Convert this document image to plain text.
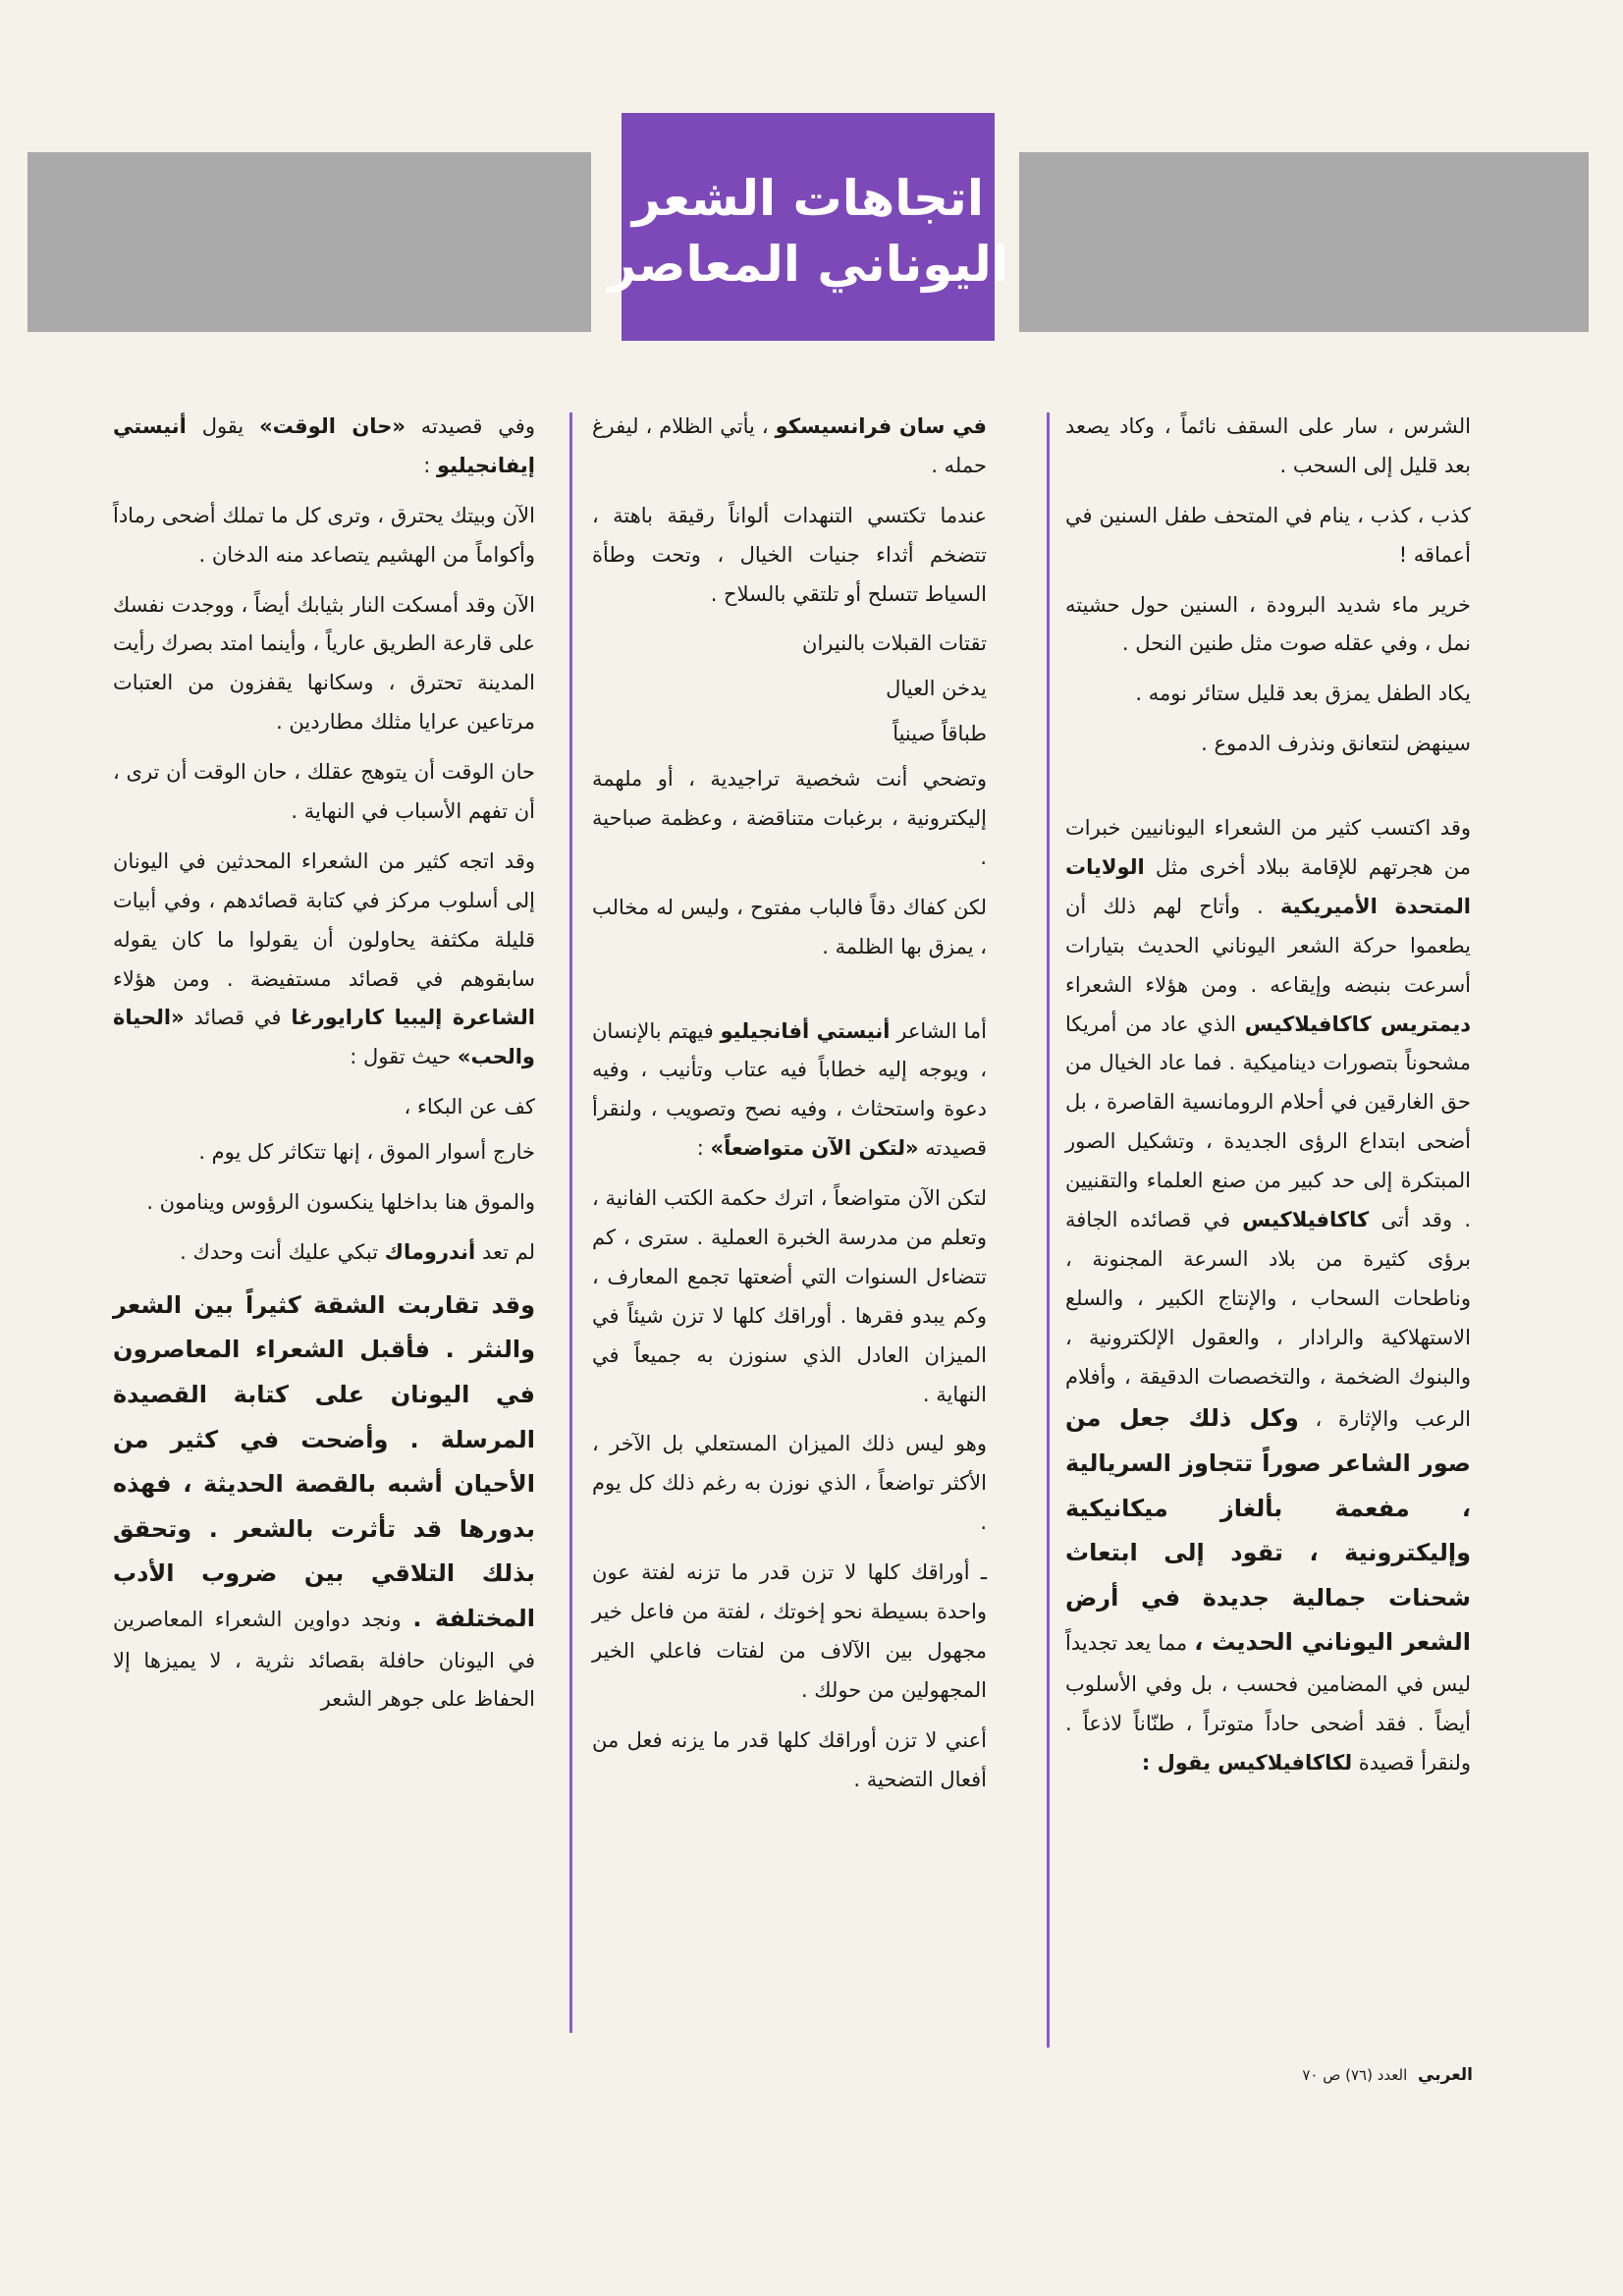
اتجاهات الشعر
اليوناني المعاصر

الشرس ، سار على السقف نائماً ، وكاد يصعد بعد قليل إلى السحب .

كذب ، كذب ، ينام في المتحف طفل السنين في أعماقه !

خرير ماء شديد البرودة ، السنين حول حشيته نمل ، وفي عقله صوت مثل طنين النحل .

يكاد الطفل يمزق بعد قليل ستائر نومه .

سينهض لنتعانق ونذرف الدموع .

وقد اكتسب كثير من الشعراء اليونانيين خبرات من هجرتهم للإقامة ببلاد أخرى مثل الولايات المتحدة الأميريكية . وأتاح لهم ذلك أن يطعموا حركة الشعر اليوناني الحديث بتيارات أسرعت بنبضه وإيقاعه . ومن هؤلاء الشعراء ديمتريس كاكافيلاكيس الذي عاد من أمريكا مشحوناً بتصورات ديناميكية . فما عاد الخيال من حق الغارقين في أحلام الرومانسية القاصرة ، بل أضحى ابتداع الرؤى الجديدة ، وتشكيل الصور المبتكرة إلى حد كبير من صنع العلماء والتقنيين . وقد أتى كاكافيلاكيس في قصائده الجافة برؤى كثيرة من بلاد السرعة المجنونة ، وناطحات السحاب ، والإنتاج الكبير ، والسلع الاستهلاكية والرادار ، والعقول الإلكترونية ، والبنوك الضخمة ، والتخصصات الدقيقة ، وأفلام الرعب والإثارة ، وكل ذلك جعل من صور الشاعر صوراً تتجاوز السريالية ، مفعمة بألغاز ميكانيكية وإليكترونية ، تقود إلى ابتعاث شحنات جمالية جديدة في أرض الشعر اليوناني الحديث ، مما يعد تجديداً ليس في المضامين فحسب ، بل وفي الأسلوب أيضاً . فقد أضحى حاداً متوتراً ، طنّاناً لاذعاً . ولنقرأ قصيدة لكاكافيلاكيس يقول :

في سان فرانسيسكو ، يأتي الظلام ، ليفرغ حمله .

عندما تكتسي التنهدات ألواناً رقيقة باهتة ، تتضخم أثداء جنيات الخيال ، وتحت وطأة السياط تتسلح أو تلتقي بالسلاح .

تقتات القبلات بالنيران

يدخن العيال

طباقاً صينياً

وتضحي أنت شخصية تراجيدية ، أو ملهمة إليكترونية ، برغبات متناقضة ، وعظمة صباحية .

لكن كفاك دقاً فالباب مفتوح ، وليس له مخالب ، يمزق بها الظلمة .

أما الشاعر أنيستي أفانجيليو فيهتم بالإنسان ، ويوجه إليه خطاباً فيه عتاب وتأنيب ، وفيه دعوة واستحثاث ، وفيه نصح وتصويب ، ولنقرأ قصيدته «لتكن الآن متواضعاً» :

لتكن الآن متواضعاً ، اترك حكمة الكتب الفانية ، وتعلم من مدرسة الخبرة العملية . سترى ، كم تتضاءل السنوات التي أضعتها تجمع المعارف ، وكم يبدو فقرها . أوراقك كلها لا تزن شيئاً في الميزان العادل الذي سنوزن به جميعاً في النهاية .

وهو ليس ذلك الميزان المستعلي بل الآخر ، الأكثر تواضعاً ، الذي نوزن به رغم ذلك كل يوم .

ـ أوراقك كلها لا تزن قدر ما تزنه لفتة عون واحدة بسيطة نحو إخوتك ، لفتة من فاعل خير مجهول بين الآلاف من لفتات فاعلي الخير المجهولين من حولك .

أعني لا تزن أوراقك كلها قدر ما يزنه فعل من أفعال التضحية .

وفي قصيدته «حان الوقت» يقول أنيستي إيفانجيليو :

الآن وبيتك يحترق ، وترى كل ما تملك أضحى رماداً وأكواماً من الهشيم يتصاعد منه الدخان .

الآن وقد أمسكت النار بثيابك أيضاً ، ووجدت نفسك على قارعة الطريق عارياً ، وأينما امتد بصرك رأيت المدينة تحترق ، وسكانها يقفزون من العتبات مرتاعين عرايا مثلك مطاردين .

حان الوقت أن يتوهج عقلك ، حان الوقت أن ترى ، أن تفهم الأسباب في النهاية .

وقد اتجه كثير من الشعراء المحدثين في اليونان إلى أسلوب مركز في كتابة قصائدهم ، وفي أبيات قليلة مكثفة يحاولون أن يقولوا ما كان يقوله سابقوهم في قصائد مستفيضة . ومن هؤلاء الشاعرة إليبيا كارايورغا في قصائد «الحياة والحب» حيث تقول :

كف عن البكاء ،

خارج أسوار الموق ، إنها تتكاثر كل يوم .

والموق هنا بداخلها ينكسون الرؤوس وينامون .

لم تعد أندروماك تبكي عليك أنت وحدك .

وقد تقاربت الشقة كثيراً بين الشعر والنثر . فأقبل الشعراء المعاصرون في اليونان على كتابة القصيدة المرسلة . وأضحت في كثير من الأحيان أشبه بالقصة الحديثة ، فهذه بدورها قد تأثرت بالشعر . وتحقق بذلك التلاقي بين ضروب الأدب المختلفة . ونجد دواوين الشعراء المعاصرين في اليونان حافلة بقصائد نثرية ، لا يميزها إلا الحفاظ على جوهر الشعر

العربي العدد (٧٦) ص ٧٠
